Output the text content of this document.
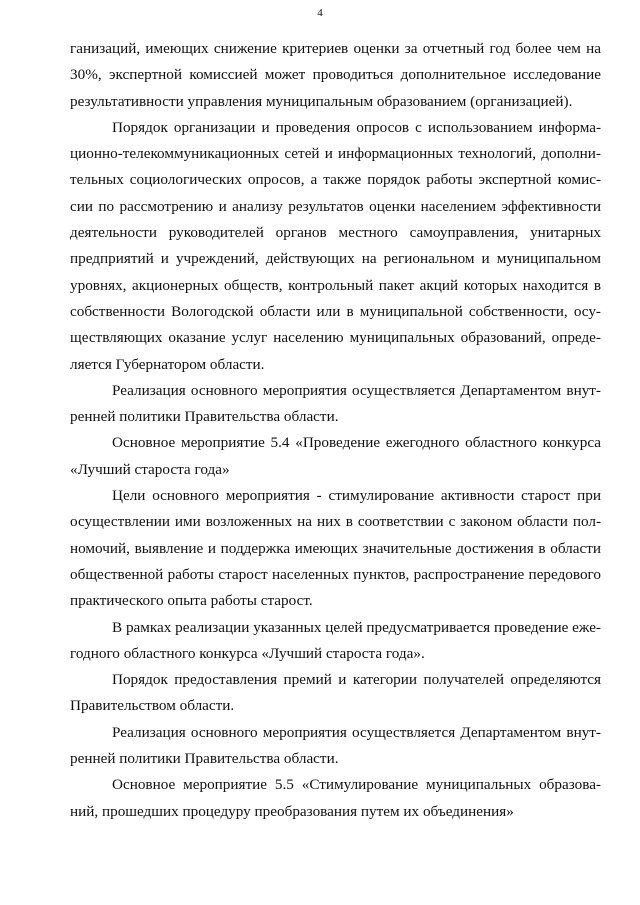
4

ганизаций, имеющих снижение критериев оценки за отчетный год более чем на
30%, экспертной комиссией может проводиться дополнительное исследование
результативности управления муниципальным образованием (организацией).

Порядок организации и проведения опросов с использованием информа-
ционно-телекоммуникационных сетей и информационных технологий, дополни-
тельных социологических опросов, а также порядок работы экспертной комис-
сии по рассмотрению и анализу результатов оценки населением эффективности
деятельности руководителей органов местного самоуправления, унитарных
предприятий и учреждений, действующих на региональном и муниципальном
уровнях, акционерных обществ, контрольный пакет акций которых находится в
собственности Вологодской области или в муниципальной собственности, осу-
ществляющих оказание услуг населению муниципальных образований, опреде-
ляется Губернатором области.

Реализация основного мероприятия осуществляется Департаментом внут-
ренней политики Правительства области.

Основное мероприятие 5.4 «Проведение ежегодного областного конкурса
«Лучший староста года»

Цели основного мероприятия - стимулирование активности старост при
осуществлении ими возложенных на них в соответствии с законом области пол-
номочий, выявление и поддержка имеющих значительные достижения в области
общественной работы старост населенных пунктов, распространение передового
практического опыта работы старост.

В рамках реализации указанных целей предусматривается проведение еже-
годного областного конкурса «Лучший староста года».

Порядок предоставления премий и категории получателей определяются
Правительством области.

Реализация основного мероприятия осуществляется Департаментом внут-
ренней политики Правительства области.

Основное мероприятие 5.5 «Стимулирование муниципальных образова-
ний, прошедших процедуру преобразования путем их объединения»
